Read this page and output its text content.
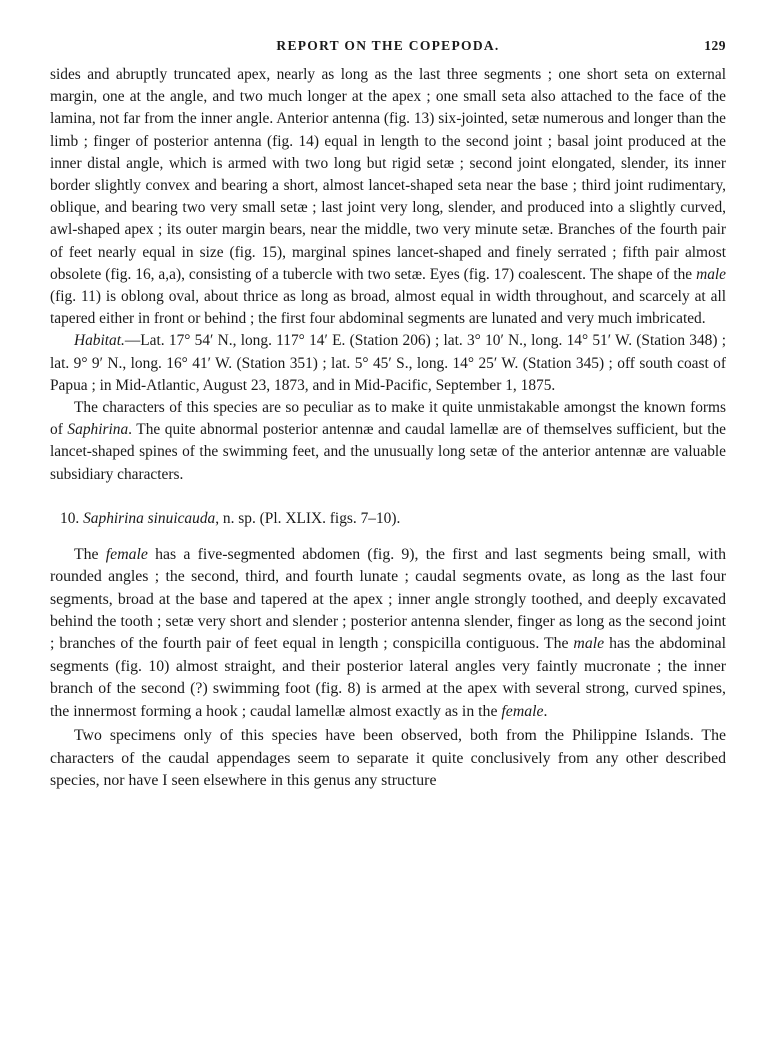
REPORT ON THE COPEPODA.	129

sides and abruptly truncated apex, nearly as long as the last three segments ; one short seta on external margin, one at the angle, and two much longer at the apex ; one small seta also attached to the face of the lamina, not far from the inner angle. Anterior antenna (fig. 13) six-jointed, setæ numerous and longer than the limb ; finger of posterior antenna (fig. 14) equal in length to the second joint ; basal joint produced at the inner distal angle, which is armed with two long but rigid setæ ; second joint elongated, slender, its inner border slightly convex and bearing a short, almost lancet-shaped seta near the base ; third joint rudimentary, oblique, and bearing two very small setæ ; last joint very long, slender, and produced into a slightly curved, awl-shaped apex ; its outer margin bears, near the middle, two very minute setæ. Branches of the fourth pair of feet nearly equal in size (fig. 15), marginal spines lancet-shaped and finely serrated ; fifth pair almost obsolete (fig. 16, a,a), consisting of a tubercle with two setæ. Eyes (fig. 17) coalescent. The shape of the male (fig. 11) is oblong oval, about thrice as long as broad, almost equal in width throughout, and scarcely at all tapered either in front or behind ; the first four abdominal segments are lunated and very much imbricated.

Habitat.—Lat. 17° 54′ N., long. 117° 14′ E. (Station 206) ; lat. 3° 10′ N., long. 14° 51′ W. (Station 348) ; lat. 9° 9′ N., long. 16° 41′ W. (Station 351) ; lat. 5° 45′ S., long. 14° 25′ W. (Station 345) ; off south coast of Papua ; in Mid-Atlantic, August 23, 1873, and in Mid-Pacific, September 1, 1875.

The characters of this species are so peculiar as to make it quite unmistakable amongst the known forms of Saphirina. The quite abnormal posterior antennæ and caudal lamellæ are of themselves sufficient, but the lancet-shaped spines of the swimming feet, and the unusually long setæ of the anterior antennæ are valuable subsidiary characters.

10. Saphirina sinuicauda, n. sp. (Pl. XLIX. figs. 7–10).

The female has a five-segmented abdomen (fig. 9), the first and last segments being small, with rounded angles ; the second, third, and fourth lunate ; caudal segments ovate, as long as the last four segments, broad at the base and tapered at the apex ; inner angle strongly toothed, and deeply excavated behind the tooth ; setæ very short and slender ; posterior antenna slender, finger as long as the second joint ; branches of the fourth pair of feet equal in length ; conspicilla contiguous. The male has the abdominal segments (fig. 10) almost straight, and their posterior lateral angles very faintly mucronate ; the inner branch of the second (?) swimming foot (fig. 8) is armed at the apex with several strong, curved spines, the innermost forming a hook ; caudal lamellæ almost exactly as in the female.

Two specimens only of this species have been observed, both from the Philippine Islands. The characters of the caudal appendages seem to separate it quite conclusively from any other described species, nor have I seen elsewhere in this genus any structure
